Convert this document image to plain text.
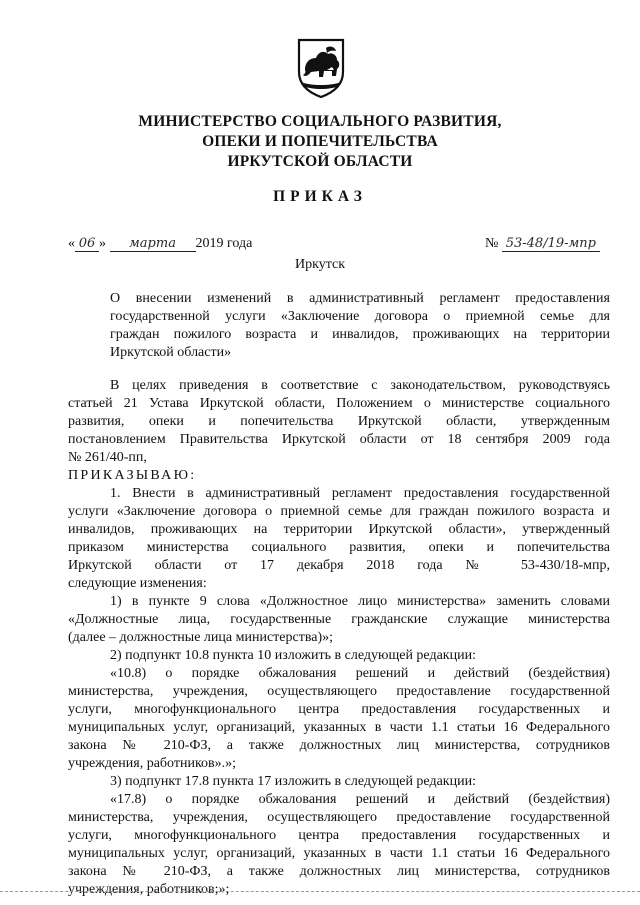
МИНИСТЕРСТВО СОЦИАЛЬНОГО РАЗВИТИЯ,
ОПЕКИ И ПОПЕЧИТЕЛЬСТВА
ИРКУТСКОЙ ОБЛАСТИ
ПРИКАЗ
« 06 » марта 2019 года	№ 53-48/19-мпр
Иркутск
О внесении изменений в административный регламент предоставления
государственной услуги «Заключение договора о приемной семье для
граждан пожилого возраста и инвалидов, проживающих на территории
Иркутской области»
В целях приведения в соответствие с законодательством, руководствуясь
статьей 21 Устава Иркутской области, Положением о министерстве социального
развития, опеки и попечительства Иркутской области, утвержденным
постановлением Правительства Иркутской области от 18 сентября 2009 года
№ 261/40-пп,
ПРИКАЗЫВАЮ:
1. Внести в административный регламент предоставления государственной
услуги «Заключение договора о приемной семье для граждан пожилого возраста и
инвалидов, проживающих на территории Иркутской области», утвержденный
приказом министерства социального развития, опеки и попечительства
Иркутской области от 17 декабря 2018 года № 53-430/18-мпр,
следующие изменения:
1) в пункте 9 слова «Должностное лицо министерства» заменить словами
«Должностные лица, государственные гражданские служащие министерства
(далее – должностные лица министерства)»;
2) подпункт 10.8 пункта 10 изложить в следующей редакции:
«10.8) о порядке обжалования решений и действий (бездействия)
министерства, учреждения, осуществляющего предоставление государственной
услуги, многофункционального центра предоставления государственных и
муниципальных услуг, организаций, указанных в части 1.1 статьи 16 Федерального
закона № 210-ФЗ, а также должностных лиц министерства, сотрудников
учреждения, работников».»;
3) подпункт 17.8 пункта 17 изложить в следующей редакции:
«17.8) о порядке обжалования решений и действий (бездействия)
министерства, учреждения, осуществляющего предоставление государственной
услуги, многофункционального центра предоставления государственных и
муниципальных услуг, организаций, указанных в части 1.1 статьи 16 Федерального
закона № 210-ФЗ, а также должностных лиц министерства, сотрудников
учреждения, работников;»;
